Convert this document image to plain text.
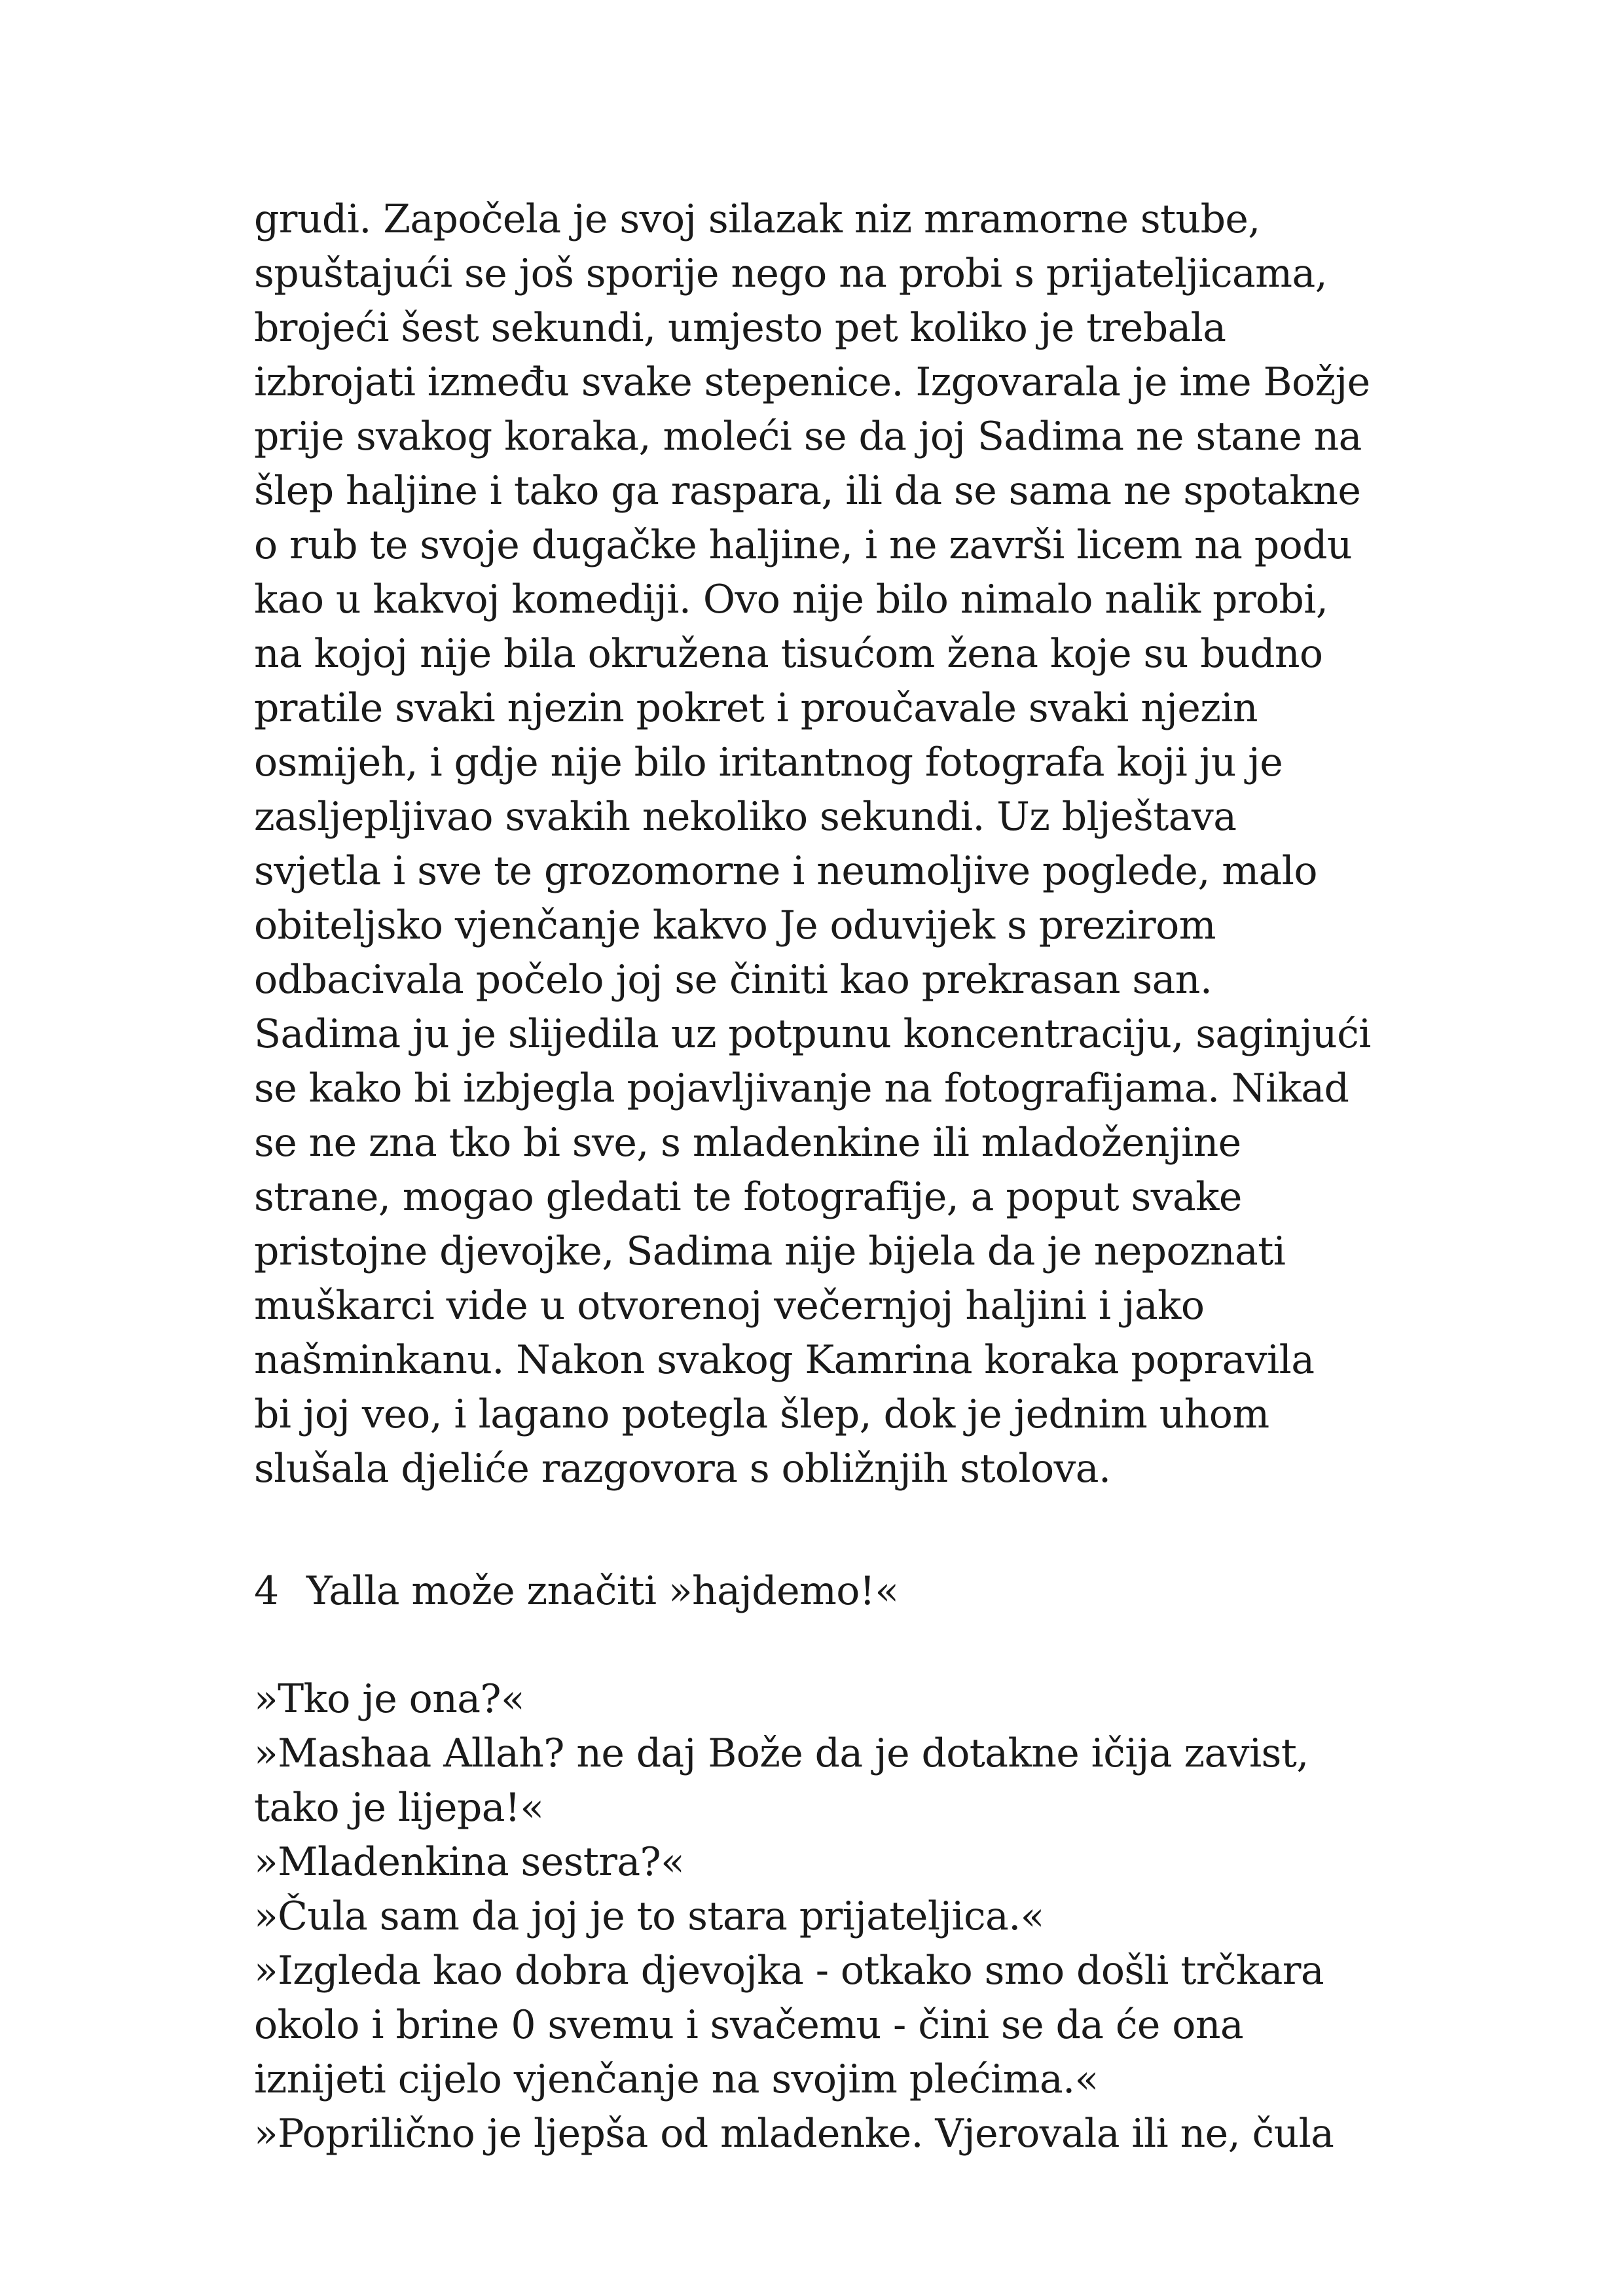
grudi. Započela je svoj silazak niz mramorne stube,
spuštajući se još sporije nego na probi s prijateljicama,
brojeći šest sekundi, umjesto pet koliko je trebala
izbrojati između svake stepenice. Izgovarala je ime Božje
prije svakog koraka, moleći se da joj Sadima ne stane na
šlep haljine i tako ga raspara, ili da se sama ne spotakne
o rub te svoje dugačke haljine, i ne završi licem na podu
kao u kakvoj komediji. Ovo nije bilo nimalo nalik probi,
na kojoj nije bila okružena tisućom žena koje su budno
pratile svaki njezin pokret i proučavale svaki njezin
osmijeh, i gdje nije bilo iritantnog fotografa koji ju je
zasljepljivao svakih nekoliko sekundi. Uz blještava
svjetla i sve te grozomorne i neumoljive poglede, malo
obiteljsko vjenčanje kakvo Je oduvijek s prezirom
odbacivala počelo joj se činiti kao prekrasan san.
Sadima ju je slijedila uz potpunu koncentraciju, saginjući
se kako bi izbjegla pojavljivanje na fotografijama. Nikad
se ne zna tko bi sve, s mladenkine ili mladoženjine
strane, mogao gledati te fotografije, a poput svake
pristojne djevojke, Sadima nije bijela da je nepoznati
muškarci vide u otvorenoj večernjoj haljini i jako
našminkanu. Nakon svakog Kamrina koraka popravila
bi joj veo, i lagano potegla šlep, dok je jednim uhom
slušala djeliće razgovora s obližnjih stolova.
4 Yalla može značiti »hajdemo!«
»Tko je ona?«
»Mashaa Allah? ne daj Bože da je dotakne ičija zavist,
tako je lijepa!«
»Mladenkina sestra?«
»Čula sam da joj je to stara prijateljica.«
»Izgleda kao dobra djevojka - otkako smo došli trčkara
okolo i brine 0 svemu i svačemu - čini se da će ona
iznijeti cijelo vjenčanje na svojim plećima.«
»Poprilično je ljepša od mladenke. Vjerovala ili ne, čula
